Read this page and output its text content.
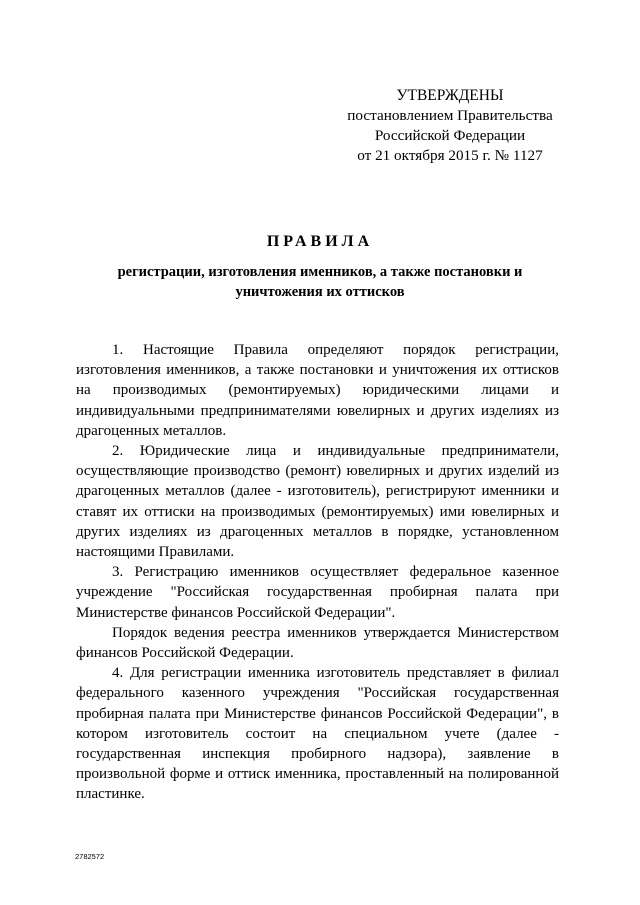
УТВЕРЖДЕНЫ
постановлением Правительства
Российской Федерации
от 21 октября 2015 г. № 1127
ПРАВИЛА
регистрации, изготовления именников, а также постановки и уничтожения их оттисков

1. Настоящие Правила определяют порядок регистрации, изготовления именников, а также постановки и уничтожения их оттисков на производимых (ремонтируемых) юридическими лицами и индивидуальными предпринимателями ювелирных и других изделиях из драгоценных металлов.

2. Юридические лица и индивидуальные предприниматели, осуществляющие производство (ремонт) ювелирных и других изделий из драгоценных металлов (далее - изготовитель), регистрируют именники и ставят их оттиски на производимых (ремонтируемых) ими ювелирных и других изделиях из драгоценных металлов в порядке, установленном настоящими Правилами.

3. Регистрацию именников осуществляет федеральное казенное учреждение "Российская государственная пробирная палата при Министерстве финансов Российской Федерации".

Порядок ведения реестра именников утверждается Министерством финансов Российской Федерации.

4. Для регистрации именника изготовитель представляет в филиал федерального казенного учреждения "Российская государственная пробирная палата при Министерстве финансов Российской Федерации", в котором изготовитель состоит на специальном учете (далее - государственная инспекция пробирного надзора), заявление в произвольной форме и оттиск именника, проставленный на полированной пластинке.

2782572
